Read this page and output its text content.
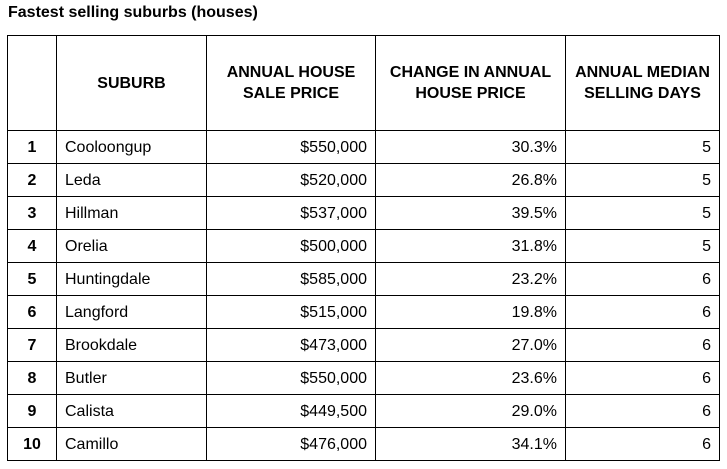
Fastest selling suburbs (houses)

	SUBURB	ANNUAL HOUSE SALE PRICE	CHANGE IN ANNUAL HOUSE PRICE	ANNUAL MEDIAN SELLING DAYS

1	Cooloongup	$550,000	30.3%	5
2	Leda	$520,000	26.8%	5
3	Hillman	$537,000	39.5%	5
4	Orelia	$500,000	31.8%	5
5	Huntingdale	$585,000	23.2%	6
6	Langford	$515,000	19.8%	6
7	Brookdale	$473,000	27.0%	6
8	Butler	$550,000	23.6%	6
9	Calista	$449,500	29.0%	6
10	Camillo	$476,000	34.1%	6
